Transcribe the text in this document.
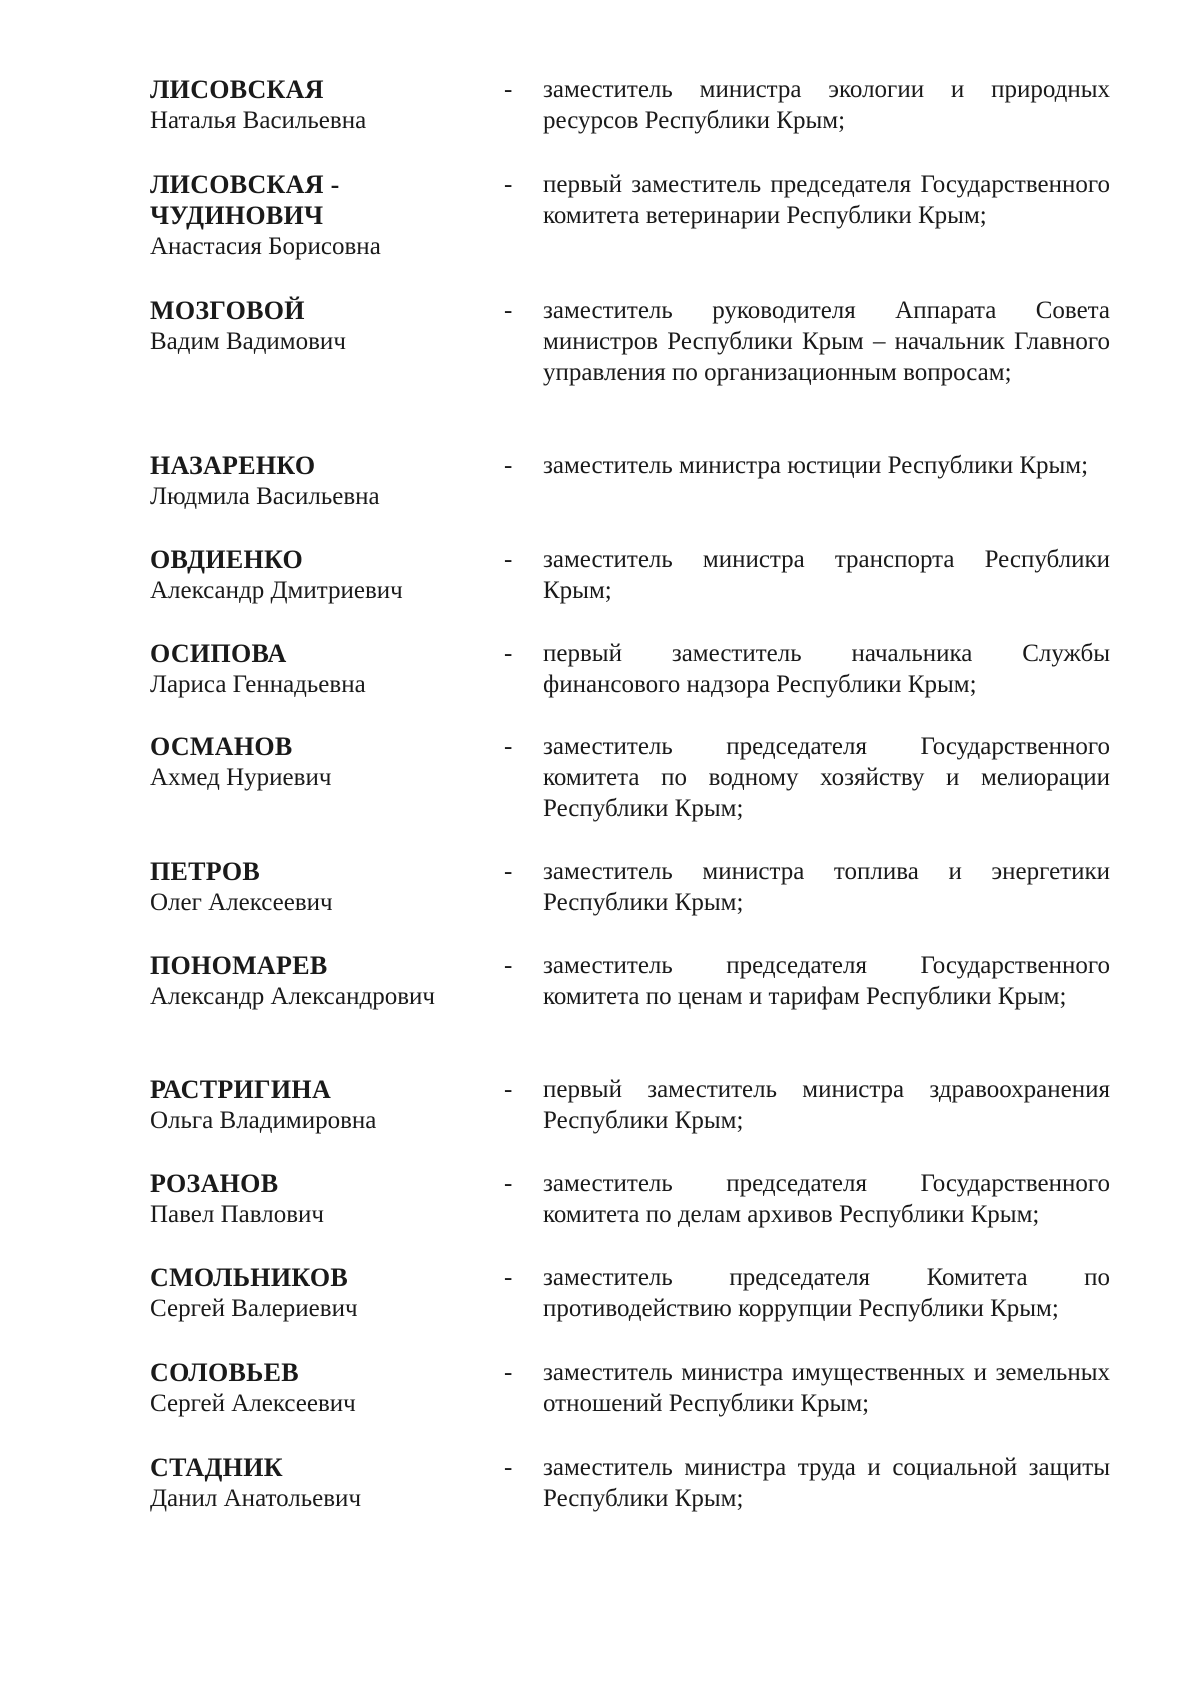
ЛИСОВСКАЯ
Наталья Васильевна
- заместитель министра экологии и природных ресурсов Республики Крым;
ЛИСОВСКАЯ - ЧУДИНОВИЧ
Анастасия Борисовна
- первый заместитель председателя Государственного комитета ветеринарии Республики Крым;
МОЗГОВОЙ
Вадим Вадимович
- заместитель руководителя Аппарата Совета министров Республики Крым – начальник Главного управления по организационным вопросам;
НАЗАРЕНКО
Людмила Васильевна
- заместитель министра юстиции Республики Крым;
ОВДИЕНКО
Александр Дмитриевич
- заместитель министра транспорта Республики Крым;
ОСИПОВА
Лариса Геннадьевна
- первый заместитель начальника Службы финансового надзора Республики Крым;
ОСМАНОВ
Ахмед Нуриевич
- заместитель председателя Государственного комитета по водному хозяйству и мелиорации Республики Крым;
ПЕТРОВ
Олег Алексеевич
- заместитель министра топлива и энергетики Республики Крым;
ПОНОМАРЕВ
Александр Александрович
- заместитель председателя Государственного комитета по ценам и тарифам Республики Крым;
РАСТРИГИНА
Ольга Владимировна
- первый заместитель министра здравоохранения Республики Крым;
РОЗАНОВ
Павел Павлович
- заместитель председателя Государственного комитета по делам архивов Республики Крым;
СМОЛЬНИКОВ
Сергей Валериевич
- заместитель председателя Комитета по противодействию коррупции Республики Крым;
СОЛОВЬЕВ
Сергей Алексеевич
- заместитель министра имущественных и земельных отношений Республики Крым;
СТАДНИК
Данил Анатольевич
- заместитель министра труда и социальной защиты Республики Крым;
